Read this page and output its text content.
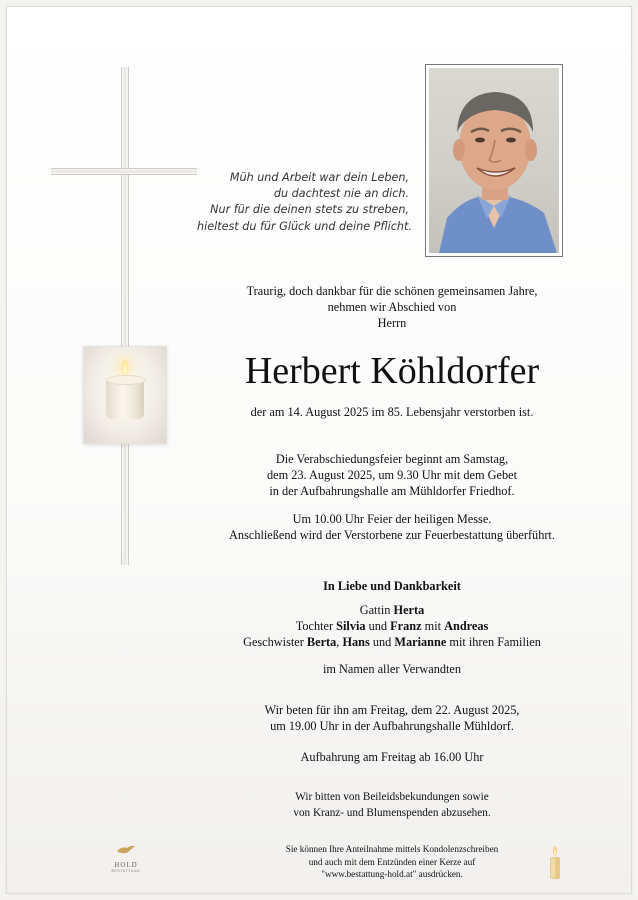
Müh und Arbeit war dein Leben,
du dachtest nie an dich.
Nur für die deinen stets zu streben,
hieltest du für Glück und deine Pflicht.
Traurig, doch dankbar für die schönen gemeinsamen Jahre,
nehmen wir Abschied von
Herrn
Herbert Köhldorfer
der am 14. August 2025 im 85. Lebensjahr verstorben ist.
Die Verabschiedungsfeier beginnt am Samstag,
dem 23. August 2025, um 9.30 Uhr mit dem Gebet
in der Aufbahrungshalle am Mühldorfer Friedhof.
Um 10.00 Uhr Feier der heiligen Messe.
Anschließend wird der Verstorbene zur Feuerbestattung überführt.
In Liebe und Dankbarkeit
Gattin Herta
Tochter Silvia und Franz mit Andreas
Geschwister Berta, Hans und Marianne mit ihren Familien
im Namen aller Verwandten
Wir beten für ihn am Freitag, dem 22. August 2025,
um 19.00 Uhr in der Aufbahrungshalle Mühldorf.
Aufbahrung am Freitag ab 16.00 Uhr
Wir bitten von Beileidsbekundungen sowie
von Kranz- und Blumenspenden abzusehen.
HOLD
BESTATTUNG
Sie können Ihre Anteilnahme mittels Kondolenzschreiben
und auch mit dem Entzünden einer Kerze auf
"www.bestattung-hold.at" ausdrücken.
